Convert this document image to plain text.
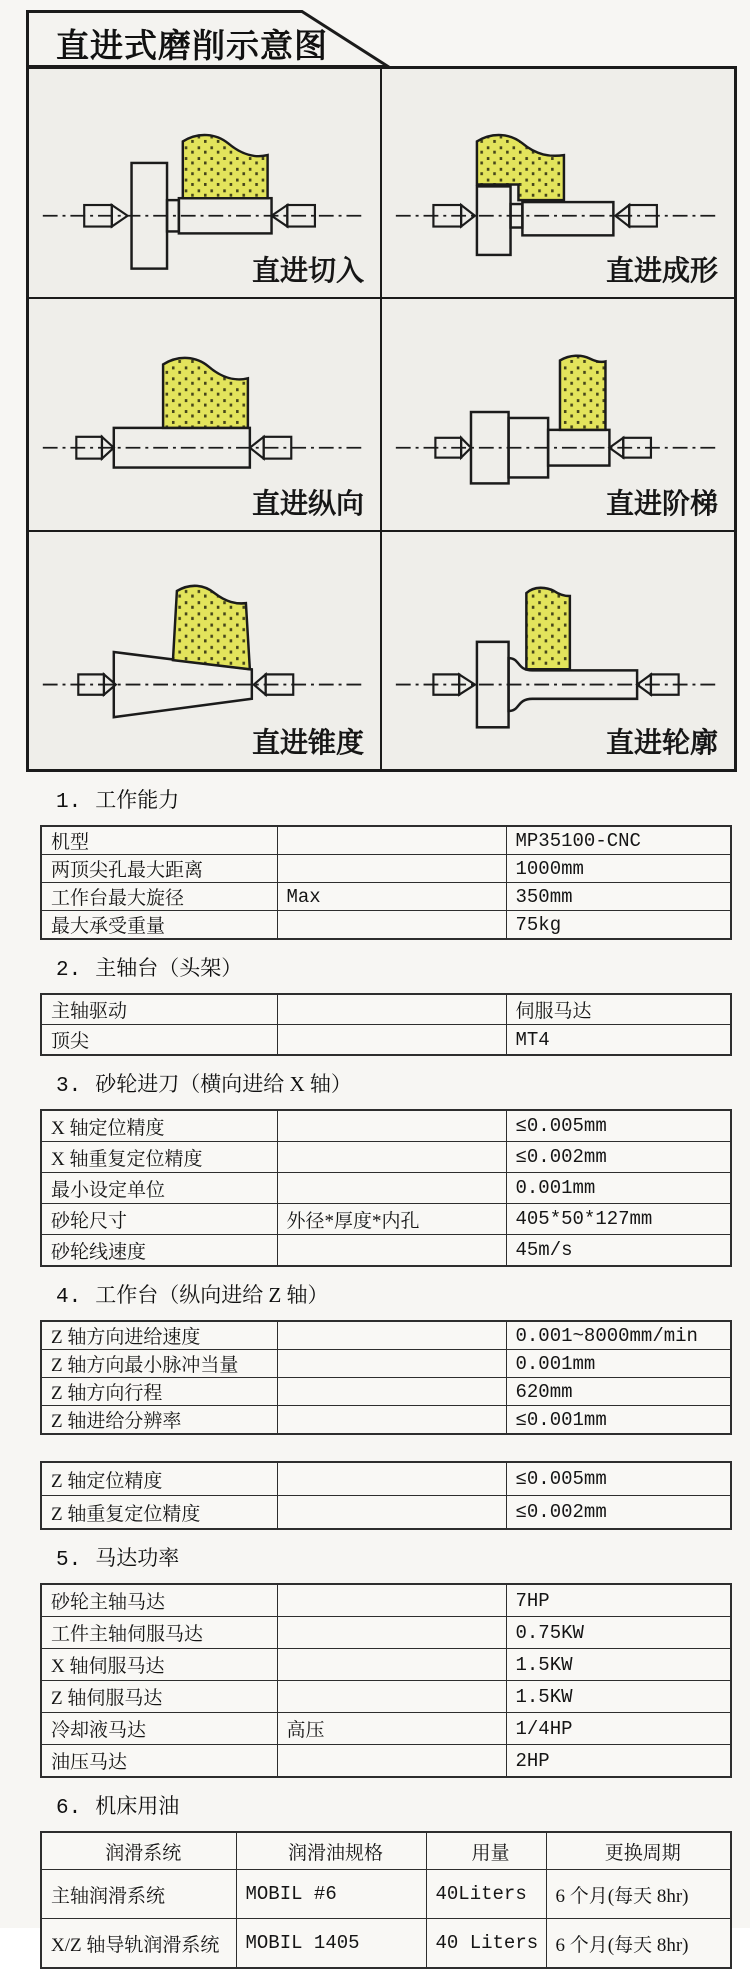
直进式磨削示意图
直进切入	直进成形
直进纵向	直进阶梯
直进锥度	直进轮廓
1. 工作能力
机型		MP35100-CNC
两顶尖孔最大距离		1000mm
工作台最大旋径	Max	350mm
最大承受重量		75kg
2. 主轴台（头架）
主轴驱动		伺服马达
顶尖		MT4
3. 砂轮进刀（横向进给 X 轴）
X 轴定位精度		≤0.005mm
X 轴重复定位精度		≤0.002mm
最小设定单位		0.001mm
砂轮尺寸	外径*厚度*内孔	405*50*127mm
砂轮线速度		45m/s
4. 工作台（纵向进给 Z 轴）
Z 轴方向进给速度		0.001~8000mm/min
Z 轴方向最小脉冲当量		0.001mm
Z 轴方向行程		620mm
Z 轴进给分辨率		≤0.001mm
Z 轴定位精度		≤0.005mm
Z 轴重复定位精度		≤0.002mm
5. 马达功率
砂轮主轴马达		7HP
工件主轴伺服马达		0.75KW
X 轴伺服马达		1.5KW
Z 轴伺服马达		1.5KW
冷却液马达	高压	1/4HP
油压马达		2HP
6. 机床用油
润滑系统	润滑油规格	用量	更换周期
主轴润滑系统	MOBIL #6	40Liters	6 个月(每天 8hr)
X/Z 轴导轨润滑系统	MOBIL 1405	40 Liters	6 个月(每天 8hr)
